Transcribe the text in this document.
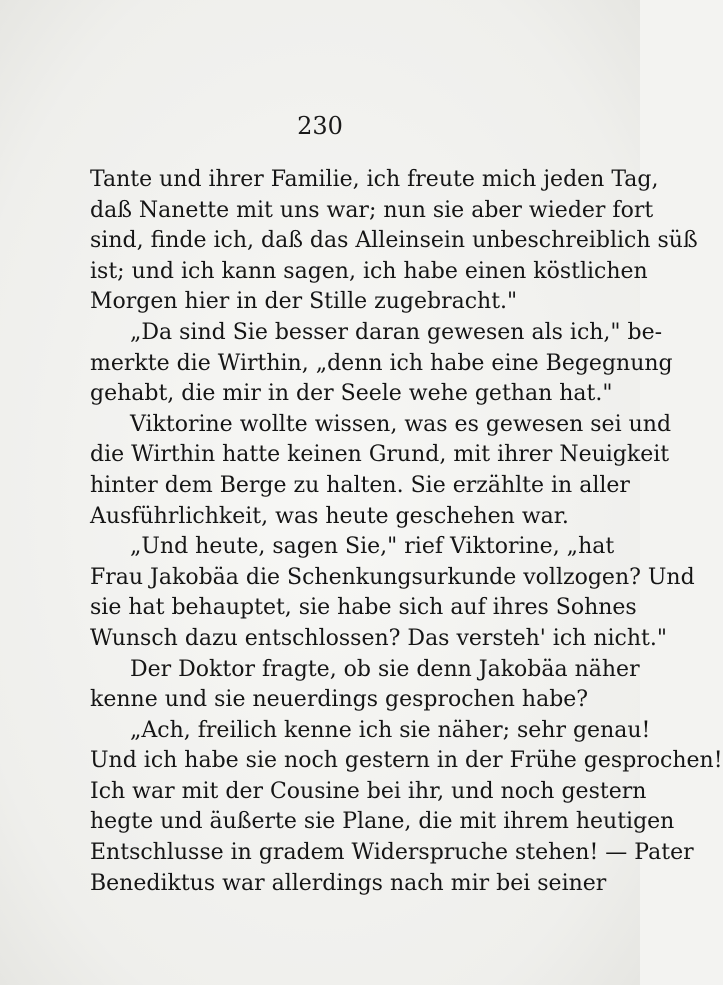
230
Tante und ihrer Familie, ich freute mich jeden Tag,
daß Nanette mit uns war; nun sie aber wieder fort
sind, finde ich, daß das Alleinsein unbeschreiblich süß
ist; und ich kann sagen, ich habe einen köstlichen
Morgen hier in der Stille zugebracht."
„Da sind Sie besser daran gewesen als ich," be-
merkte die Wirthin, „denn ich habe eine Begegnung
gehabt, die mir in der Seele wehe gethan hat."
Viktorine wollte wissen, was es gewesen sei und
die Wirthin hatte keinen Grund, mit ihrer Neuigkeit
hinter dem Berge zu halten. Sie erzählte in aller
Ausführlichkeit, was heute geschehen war.
„Und heute, sagen Sie," rief Viktorine, „hat
Frau Jakobäa die Schenkungsurkunde vollzogen? Und
sie hat behauptet, sie habe sich auf ihres Sohnes
Wunsch dazu entschlossen? Das versteh' ich nicht."
Der Doktor fragte, ob sie denn Jakobäa näher
kenne und sie neuerdings gesprochen habe?
„Ach, freilich kenne ich sie näher; sehr genau!
Und ich habe sie noch gestern in der Frühe gesprochen!
Ich war mit der Cousine bei ihr, und noch gestern
hegte und äußerte sie Plane, die mit ihrem heutigen
Entschlusse in gradem Widerspruche stehen! — Pater
Benediktus war allerdings nach mir bei seiner
